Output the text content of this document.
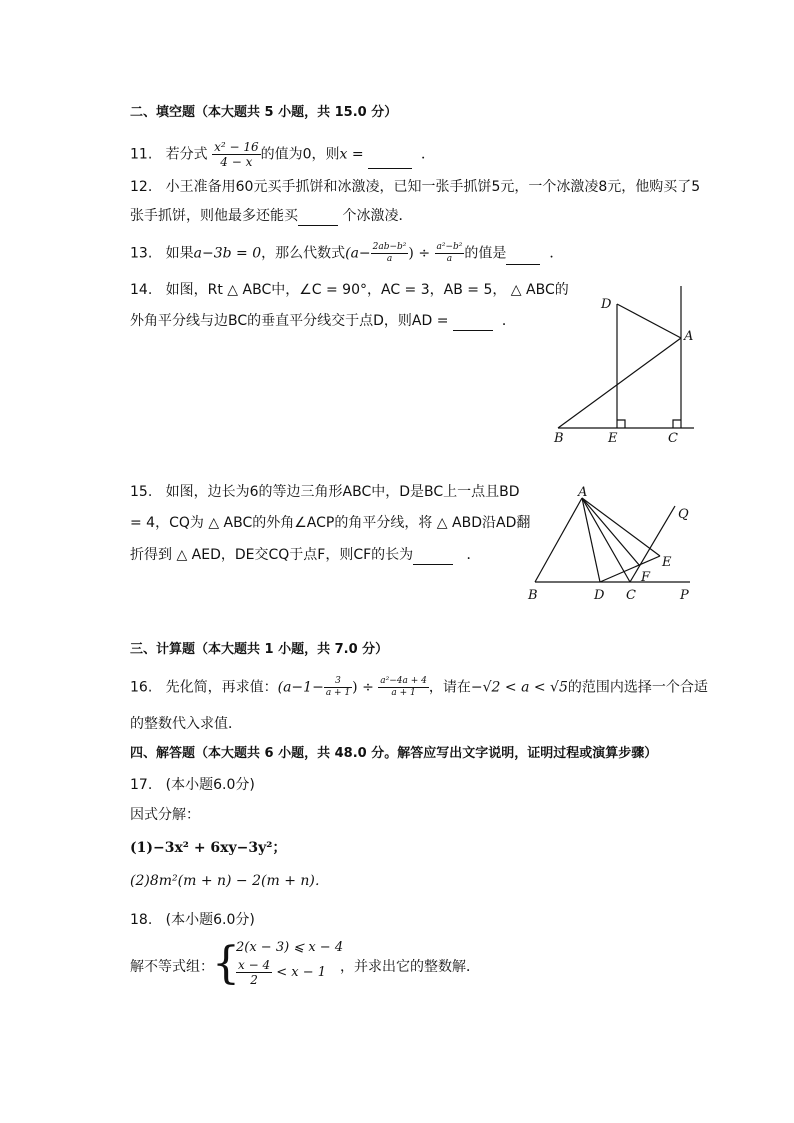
二、填空题（本大题共 5 小题，共 15.0 分）
11. 若分式 $\frac{\text{x² − 16}}{4 - x}$ 的值为0，则x =	．
12. 小王准备用60元买手抓饼和冰激凌，已知一张手抓饼5元，一个冰激凌8元，他购买了5
张手抓饼，则他最多还能买	个冰激凌．
13. 如果a−3b = 0，那么代数式($a- \frac{\text{2ab−b²}}{a}$ ) ÷ $\frac{\text{a²−b²}}{a}$ 的值是	．
14. 如图，Rt △ ABC中，∠C = 90°，AC = 3，AB = 5， △ ABC的
外角平分线与边BC的垂直平分线交于点D，则AD =	．
D
A
B	E	C
15. 如图，边长为6的等边三角形ABC中，D是BC上一点且BD
= 4，CQ为 △ ABC的外角∠ACP的角平分线，将 △ ABD沿AD翻
折得到 △ AED，DE交CQ于点F，则CF的长为	．
A
Q
E
F
B	D C	P
三、计算题（本大题共 1 小题，共 7.0 分）
16. 先化简，再求值：($a-1- \frac{3}{a + 1}$ ) ÷ $\frac{\text{a²−4a + 4}}{a + 1}$ ，请在−√2 < a < √5的范围内选择一个合适
的整数代入求值．
四、解答题（本大题共 6 小题，共 48.0 分。解答应写出文字说明，证明过程或演算步骤）
17. (本小题6.0分)
因式分解：
(1)−3x² + 6xy−3y²；
(2)8m²(m + n) − 2(m + n)．
18. (本小题6.0分)
解不等式组：
{
2(x − 3) ⩽ x − 4
$\frac{x - 4}{2} < x - 1$ ，并求出它的整数解．
